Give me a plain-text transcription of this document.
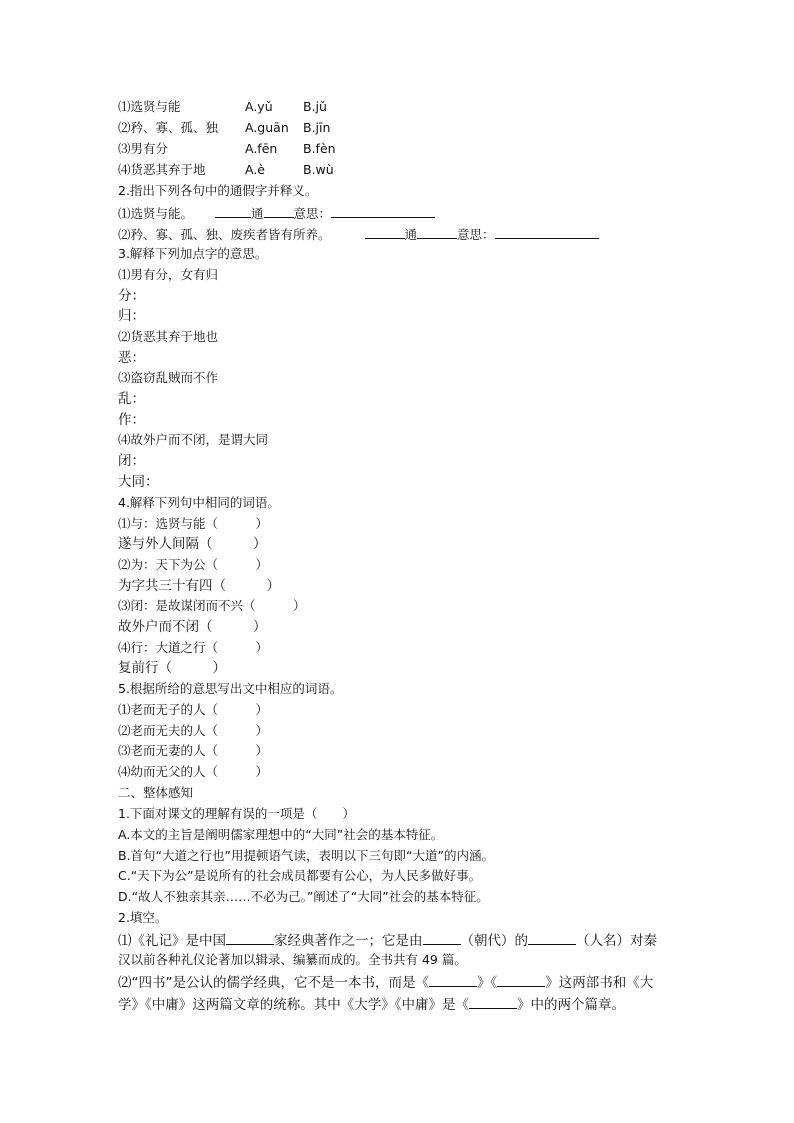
⑴选贤与能	A.yǔ B.jǔ
⑵矜、寡、孤、独 A.guān B.jīn
⑶男有分	A.fēn B.fèn
⑷货恶其弃于地	A.è	B.wù
2.指出下列各句中的通假字并释义。
⑴选贤与能。	通 意思：
⑵矜、寡、孤、独、废疾者皆有所养。	通	意思：
3.解释下列加点字的意思。
⑴男有分，女有归
分：
归：
⑵货恶其弃于地也
恶：
⑶盗窃乱贼而不作
乱：
作：
⑷故外户而不闭，是谓大同
闭：
大同：
4.解释下列句中相同的词语。
⑴与：选贤与能（　　　）
遂与外人间隔（　　　）
⑵为：天下为公（　　　）
为字共三十有四（　　　）
⑶闭：是故谋闭而不兴（　　　）
故外户而不闭（　　　）
⑷行：大道之行（　　　）
复前行（　　　）
5.根据所给的意思写出文中相应的词语。
⑴老而无子的人（　　　）
⑵老而无夫的人（　　　）
⑶老而无妻的人（　　　）
⑷幼而无父的人（　　　）
二、整体感知
1.下面对课文的理解有误的一项是（　　）
A.本文的主旨是阐明儒家理想中的“大同”社会的基本特征。
B.首句“大道之行也”用提顿语气读，表明以下三句即“大道”的内涵。
C.“天下为公”是说所有的社会成员都要有公心，为人民多做好事。
D.“故人不独亲其亲……不必为己。”阐述了“大同”社会的基本特征。
2.填空。
⑴《礼记》是中国	家经典著作之一；它是由	（朝代）的	（人名）对秦
汉以前各种礼仪论著加以辑录、编纂而成的。全书共有 49 篇。
⑵“四书”是公认的儒学经典，它不是一本书，而是《	》《	》这两部书和《大
学》《中庸》这两篇文章的统称。其中《大学》《中庸》是《	》中的两个篇章。
